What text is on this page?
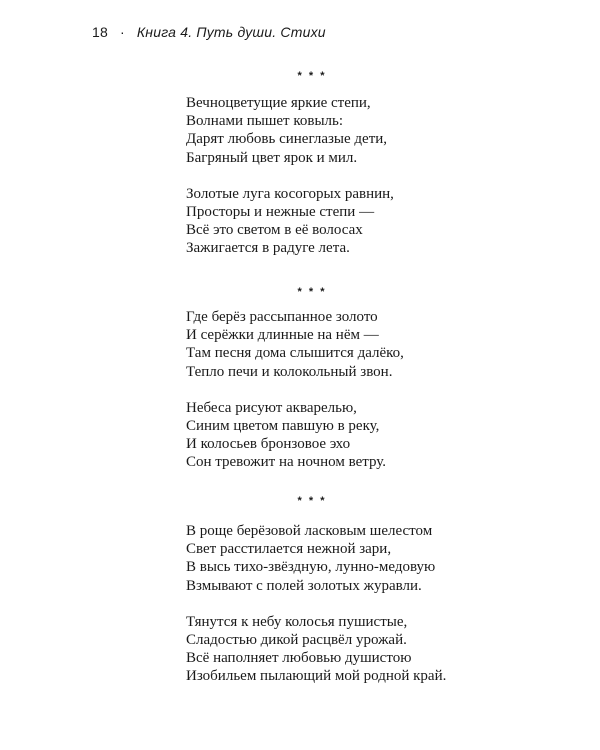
18 · Книга 4. Путь души. Стихи
* * *
Вечноцветущие яркие степи,
Волнами пышет ковыль:
Дарят любовь синеглазые дети,
Багряный цвет ярок и мил.
Золотые луга косогорых равнин,
Просторы и нежные степи —
Всё это светом в её волосах
Зажигается в радуге лета.
* * *
Где берёз рассыпанное золото
И серёжки длинные на нём —
Там песня дома слышится далёко,
Тепло печи и колокольный звон.
Небеса рисуют акварелью,
Синим цветом павшую в реку,
И колосьев бронзовое эхо
Сон тревожит на ночном ветру.
* * *
В роще берёзовой ласковым шелестом
Свет расстилается нежной зари,
В высь тихо-звёздную, лунно-медовую
Взмывают с полей золотых журавли.
Тянутся к небу колосья пушистые,
Сладостью дикой расцвёл урожай.
Всё наполняет любовью душистою
Изобильем пылающий мой родной край.
